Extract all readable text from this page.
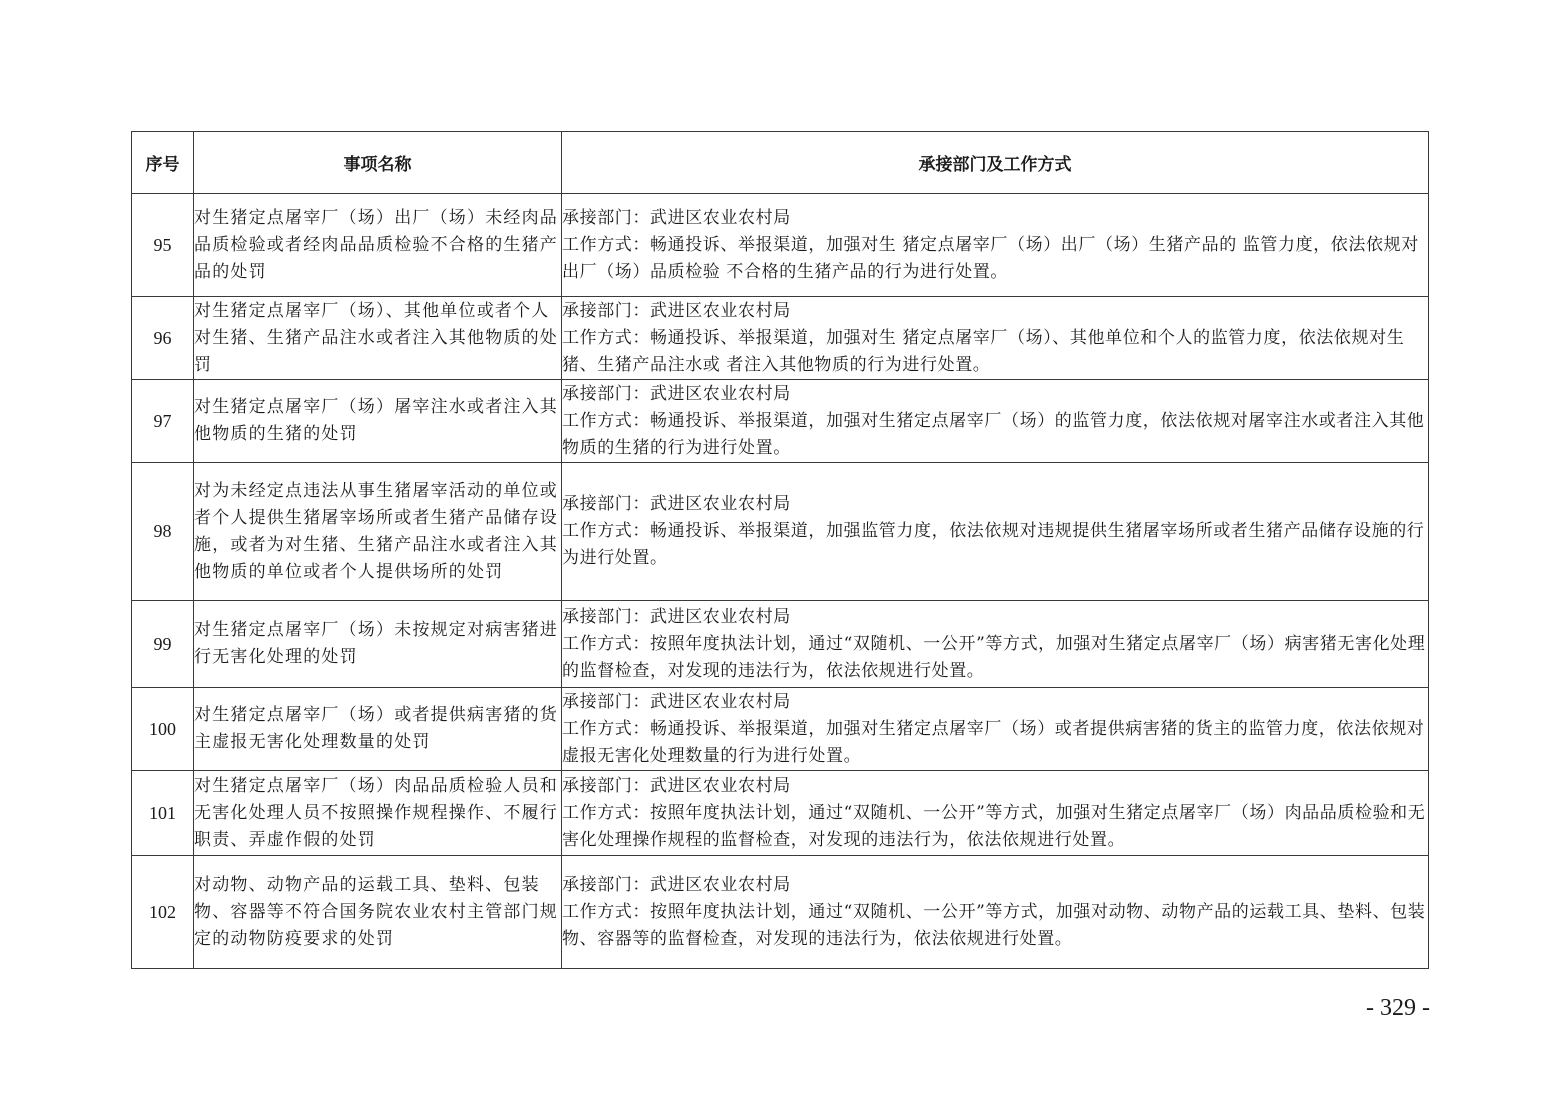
序号	事项名称	承接部门及工作方式
95	对生猪定点屠宰厂（场）出厂（场）未经肉品品质检验或者经肉品品质检验不合格的生猪产品的处罚	承接部门：武进区农业农村局
工作方式：畅通投诉、举报渠道，加强对生 猪定点屠宰厂（场）出厂（场）生猪产品的 监管力度，依法依规对出厂（场）品质检验 不合格的生猪产品的行为进行处置。

96	对生猪定点屠宰厂（场）、其他单位或者个人对生猪、生猪产品注水或者注入其他物质的处罚	承接部门：武进区农业农村局
工作方式：畅通投诉、举报渠道，加强对生 猪定点屠宰厂（场）、其他单位和个人的监管力度，依法依规对生猪、生猪产品注水或 者注入其他物质的行为进行处置。

97	对生猪定点屠宰厂（场）屠宰注水或者注入其他物质的生猪的处罚	承接部门：武进区农业农村局
工作方式：畅通投诉、举报渠道，加强对生猪定点屠宰厂（场）的监管力度，依法依规对屠宰注水或者注入其他物质的生猪的行为进行处置。

98	对为未经定点违法从事生猪屠宰活动的单位或者个人提供生猪屠宰场所或者生猪产品储存设施，或者为对生猪、生猪产品注水或者注入其他物质的单位或者个人提供场所的处罚	承接部门：武进区农业农村局
工作方式：畅通投诉、举报渠道，加强监管力度，依法依规对违规提供生猪屠宰场所或者生猪产品储存设施的行为进行处置。

99	对生猪定点屠宰厂（场）未按规定对病害猪进行无害化处理的处罚	承接部门：武进区农业农村局
工作方式：按照年度执法计划，通过“双随机、一公开”等方式，加强对生猪定点屠宰厂（场）病害猪无害化处理的监督检查，对发现的违法行为，依法依规进行处置。

100	对生猪定点屠宰厂（场）或者提供病害猪的货主虚报无害化处理数量的处罚	承接部门：武进区农业农村局
工作方式：畅通投诉、举报渠道，加强对生猪定点屠宰厂（场）或者提供病害猪的货主的监管力度，依法依规对虚报无害化处理数量的行为进行处置。

101	对生猪定点屠宰厂（场）肉品品质检验人员和无害化处理人员不按照操作规程操作、不履行职责、弄虚作假的处罚	承接部门：武进区农业农村局
工作方式：按照年度执法计划，通过“双随机、一公开”等方式，加强对生猪定点屠宰厂（场）肉品品质检验和无害化处理操作规程的监督检查，对发现的违法行为，依法依规进行处置。

102	对动物、动物产品的运载工具、垫料、包装物、容器等不符合国务院农业农村主管部门规定的动物防疫要求的处罚	承接部门：武进区农业农村局
工作方式：按照年度执法计划，通过“双随机、一公开”等方式，加强对动物、动物产品的运载工具、垫料、包装物、容器等的监督检查，对发现的违法行为，依法依规进行处置。
- 329 -
